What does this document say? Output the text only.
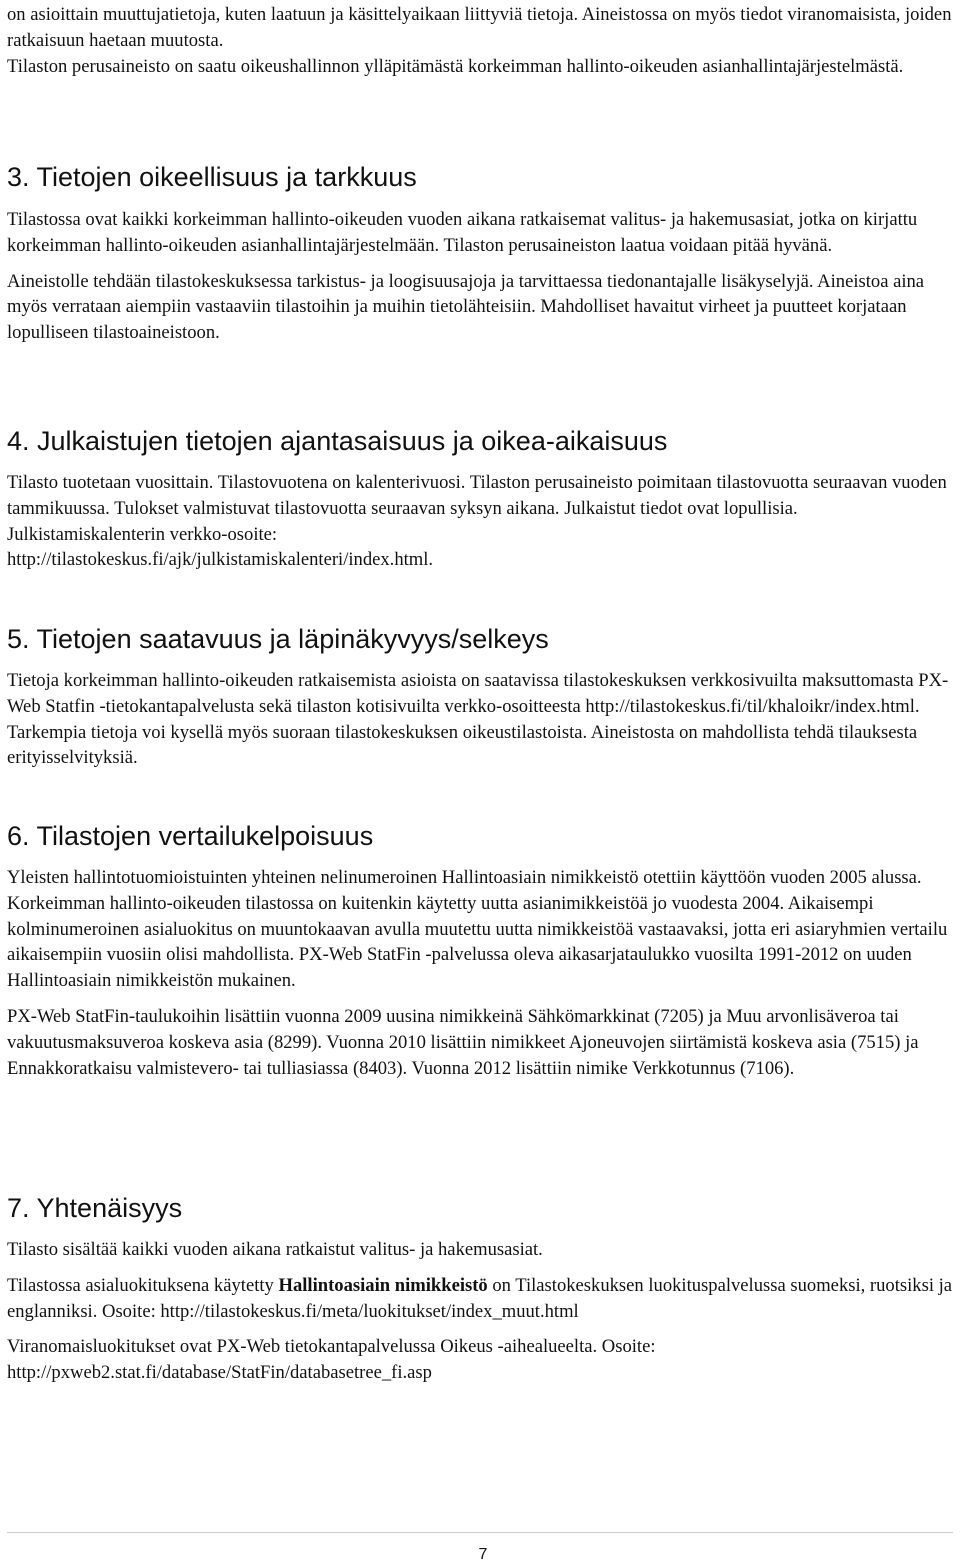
on asioittain muuttujatietoja, kuten laatuun ja käsittelyaikaan liittyviä tietoja. Aineistossa on myös tiedot viranomaisista, joiden ratkaisuun haetaan muutosta.

Tilaston perusaineisto on saatu oikeushallinnon ylläpitämästä korkeimman hallinto-oikeuden asianhallintajärjestelmästä.

3. Tietojen oikeellisuus ja tarkkuus

Tilastossa ovat kaikki korkeimman hallinto-oikeuden vuoden aikana ratkaisemat valitus- ja hakemusasiat, jotka on kirjattu korkeimman hallinto-oikeuden asianhallintajärjestelmään. Tilaston perusaineiston laatua voidaan pitää hyvänä.

Aineistolle tehdään tilastokeskuksessa tarkistus- ja loogisuusajoja ja tarvittaessa tiedonantajalle lisäkyselyjä. Aineistoa aina myös verrataan aiempiin vastaaviin tilastoihin ja muihin tietolähteisiin. Mahdolliset havaitut virheet ja puutteet korjataan lopulliseen tilastoaineistoon.

4. Julkaistujen tietojen ajantasaisuus ja oikea-aikaisuus

Tilasto tuotetaan vuosittain. Tilastovuotena on kalenterivuosi. Tilaston perusaineisto poimitaan tilastovuotta seuraavan vuoden tammikuussa. Tulokset valmistuvat tilastovuotta seuraavan syksyn aikana. Julkaistut tiedot ovat lopullisia. Julkistamiskalenterin verkko-osoite:
http://tilastokeskus.fi/ajk/julkistamiskalenteri/index.html.

5. Tietojen saatavuus ja läpinäkyvyys/selkeys

Tietoja korkeimman hallinto-oikeuden ratkaisemista asioista on saatavissa tilastokeskuksen verkkosivuilta maksuttomasta PX-Web Statfin -tietokantapalvelusta sekä tilaston kotisivuilta verkko-osoitteesta http://tilastokeskus.fi/til/khaloikr/index.html. Tarkempia tietoja voi kysellä myös suoraan tilastokeskuksen oikeustilastoista. Aineistosta on mahdollista tehdä tilauksesta erityisselvityksiä.

6. Tilastojen vertailukelpoisuus

Yleisten hallintotuomioistuinten yhteinen nelinumeroinen Hallintoasiain nimikkeistö otettiin käyttöön vuoden 2005 alussa. Korkeimman hallinto-oikeuden tilastossa on kuitenkin käytetty uutta asianimikkeistöä jo vuodesta 2004. Aikaisempi kolminumeroinen asialuokitus on muuntokaavan avulla muutettu uutta nimikkeistöä vastaavaksi, jotta eri asiaryhmien vertailu aikaisempiin vuosiin olisi mahdollista. PX-Web StatFin -palvelussa oleva aikasarjataulukko vuosilta 1991-2012 on uuden Hallintoasiain nimikkeistön mukainen.

PX-Web StatFin-taulukoihin lisättiin vuonna 2009 uusina nimikkeinä Sähkömarkkinat (7205) ja Muu arvonlisäveroa tai vakuutusmaksuveroa koskeva asia (8299). Vuonna 2010 lisättiin nimikkeet Ajoneuvojen siirtämistä koskeva asia (7515) ja Ennakkoratkaisu valmistevero- tai tulliasiassa (8403). Vuonna 2012 lisättiin nimike Verkkotunnus (7106).

7. Yhtenäisyys

Tilasto sisältää kaikki vuoden aikana ratkaistut valitus- ja hakemusasiat.

Tilastossa asialuokituksena käytetty Hallintoasiain nimikkeistö on Tilastokeskuksen luokituspalvelussa suomeksi, ruotsiksi ja englanniksi. Osoite: http://tilastokeskus.fi/meta/luokitukset/index_muut.html

Viranomaisluokitukset ovat PX-Web tietokantapalvelussa Oikeus -aihealueelta. Osoite: http://pxweb2.stat.fi/database/StatFin/databasetree_fi.asp

7
